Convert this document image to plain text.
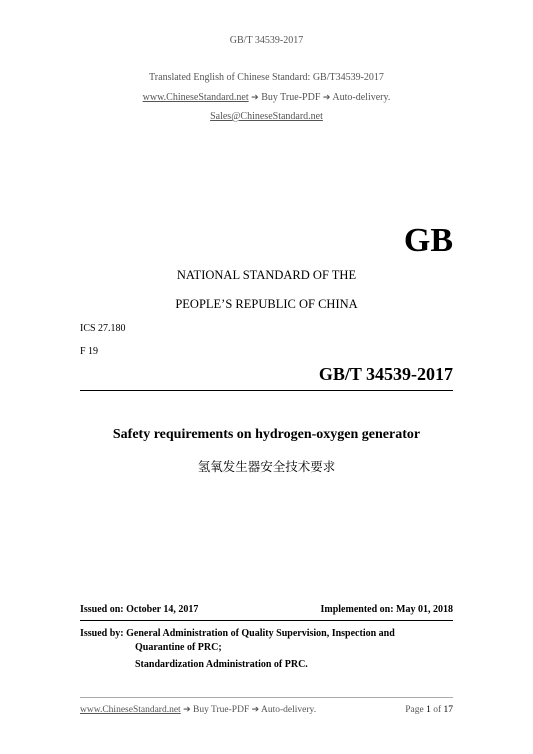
GB/T 34539-2017
Translated English of Chinese Standard: GB/T34539-2017
www.ChineseStandard.net ➔ Buy True-PDF ➔ Auto-delivery.
Sales@ChineseStandard.net
GB
NATIONAL STANDARD OF THE
PEOPLE’S REPUBLIC OF CHINA
ICS 27.180
F 19
GB/T 34539-2017
Safety requirements on hydrogen-oxygen generator
氢氧发生器安全技术要求
Issued on: October 14, 2017	Implemented on: May 01, 2018
Issued by: General Administration of Quality Supervision, Inspection and
Quarantine of PRC;
Standardization Administration of PRC.
www.ChineseStandard.net ➔ Buy True-PDF ➔ Auto-delivery.	Page 1 of 17
